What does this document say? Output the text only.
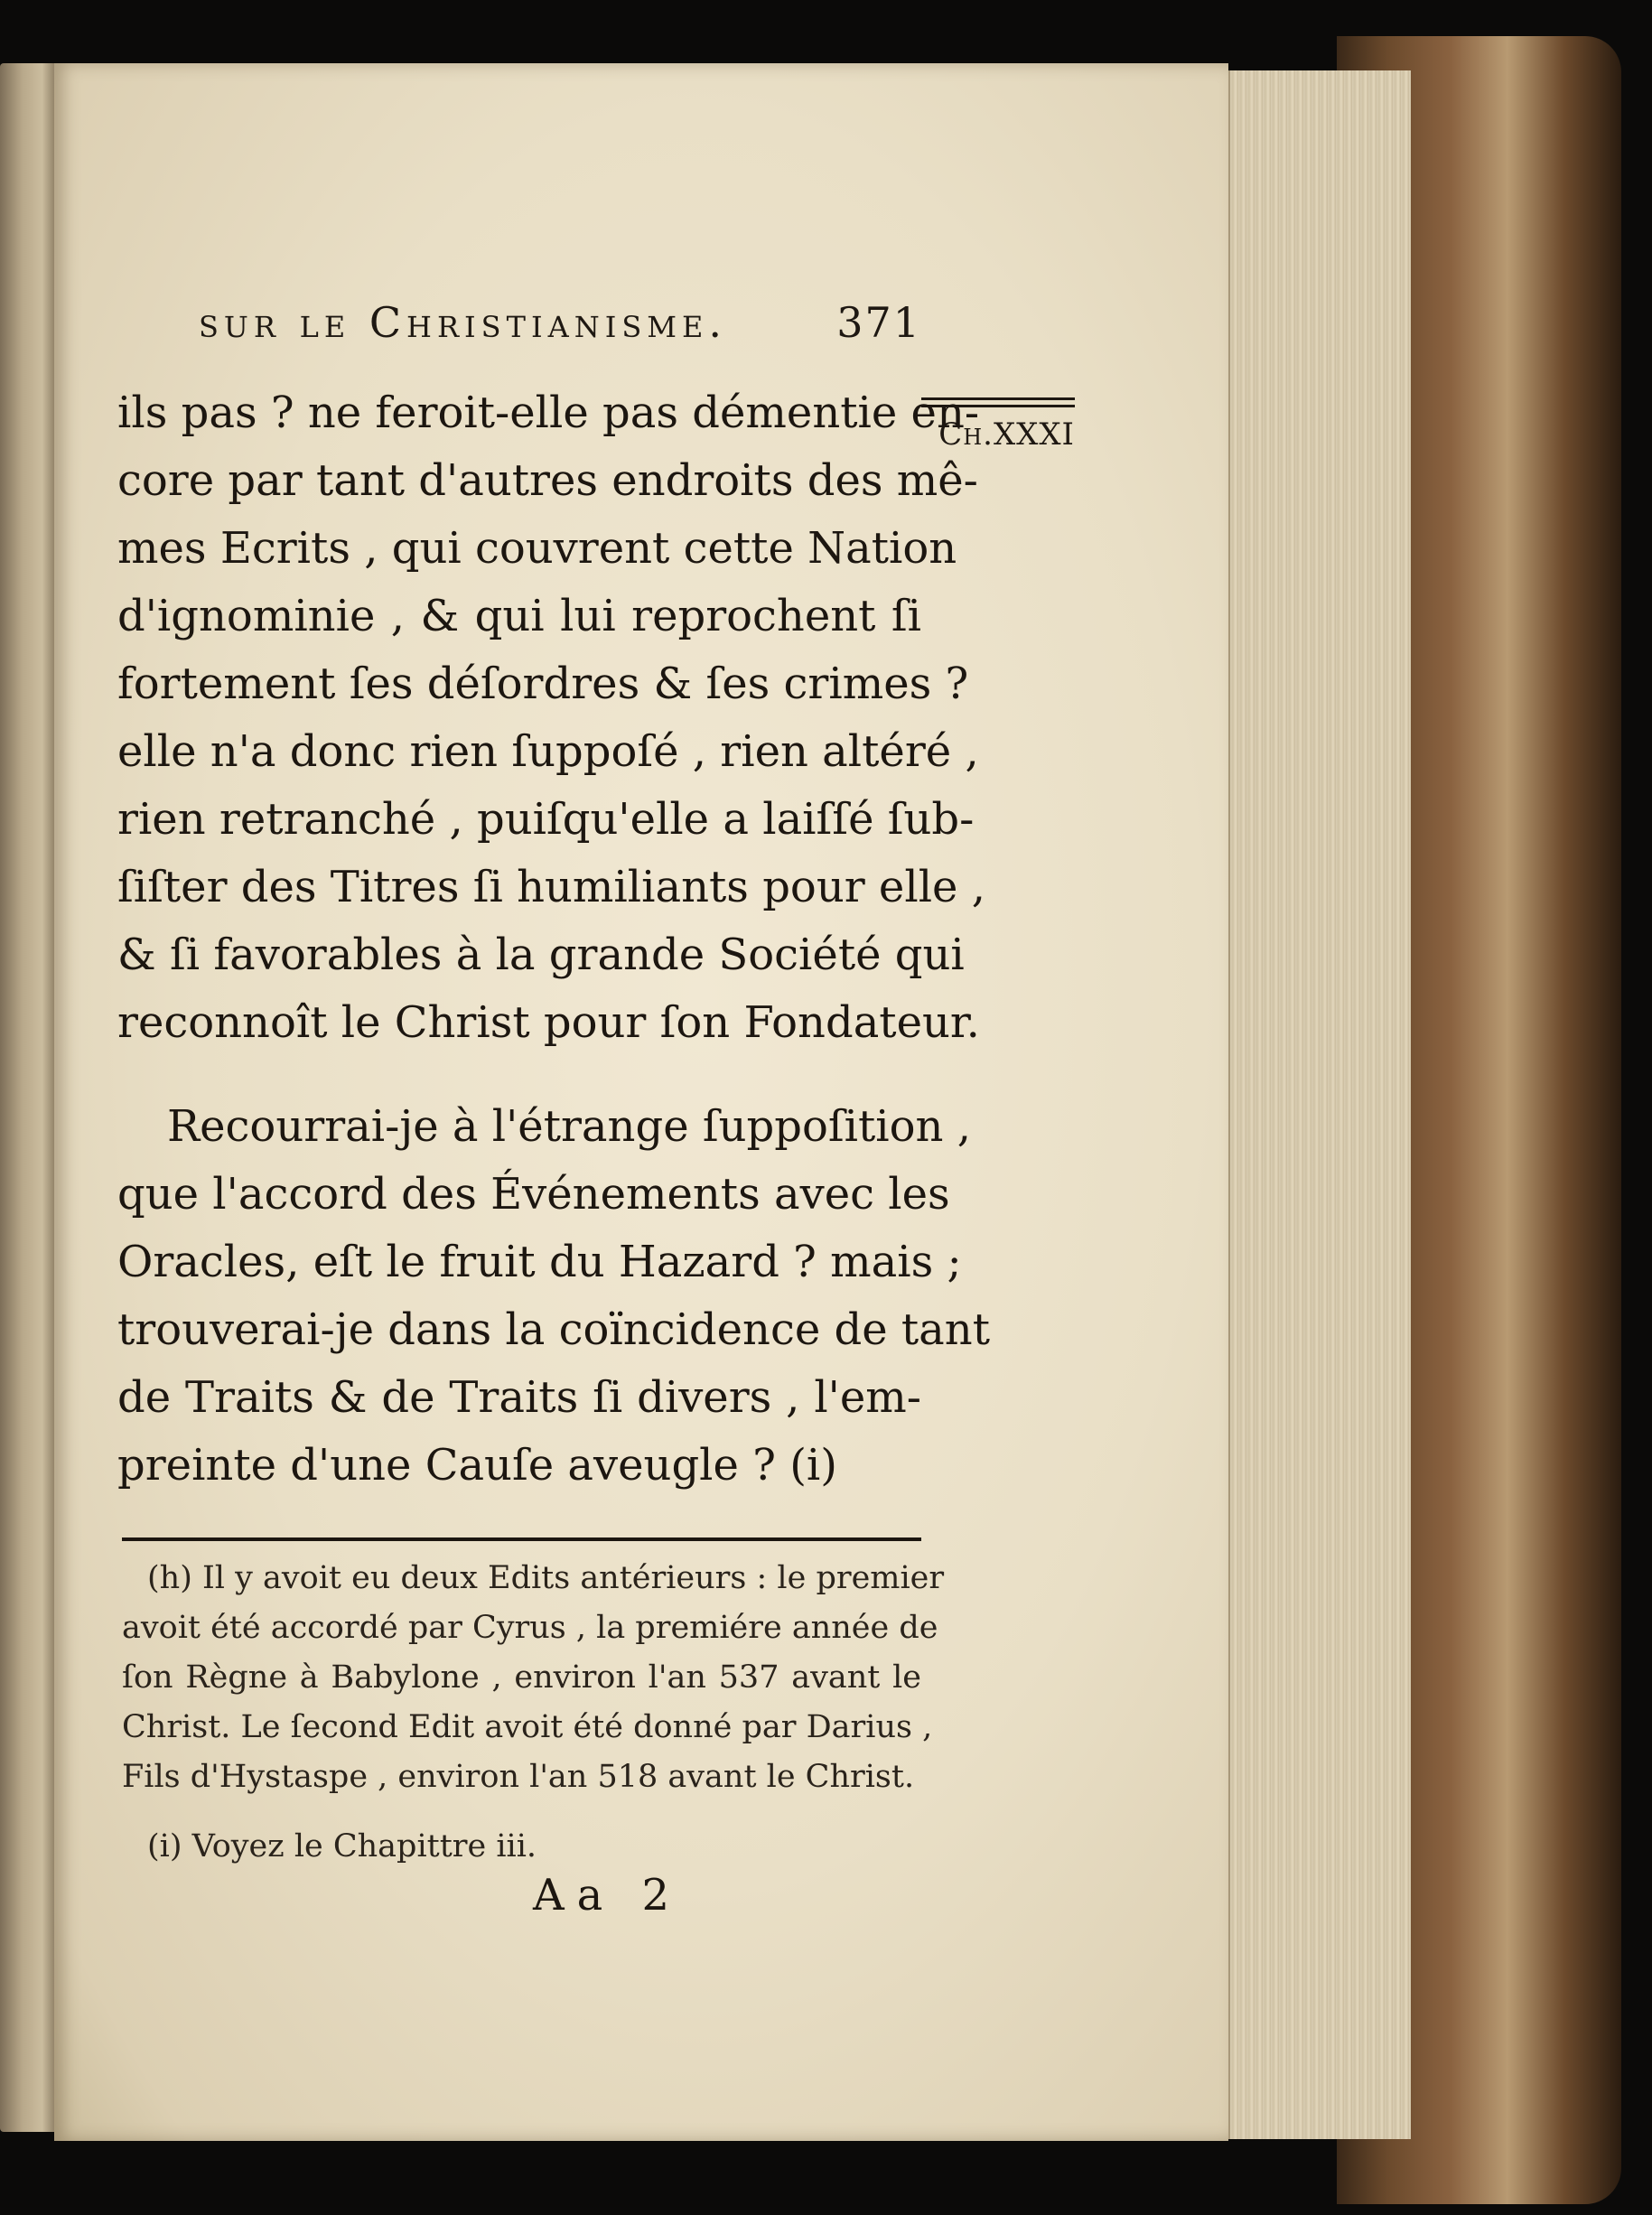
sur le Christianisme.	371
Ch.XXXI
ils pas ? ne feroit-elle pas démentie en-
core par tant d'autres endroits des mê-
mes Ecrits , qui couvrent cette Nation
d'ignominie , & qui lui reprochent ſi
fortement ſes déſordres & ſes crimes ?
elle n'a donc rien ſuppoſé , rien altéré ,
rien retranché , puiſqu'elle a laiſſé ſub-
ſiſter des Titres ſi humiliants pour elle ,
& ſi favorables à la grande Société qui
reconnoît le Christ pour ſon Fondateur.
Recourrai-je à l'étrange ſuppoſition ,
que l'accord des Événements avec les
Oracles, eſt le fruit du Hazard ? mais ;
trouverai-je dans la coïncidence de tant
de Traits & de Traits ſi divers , l'em-
preinte d'une Cauſe aveugle ? (i)
(h) Il y avoit eu deux Edits antérieurs : le premier
avoit été accordé par Cyrus , la premiére année de
ſon Règne à Babylone , environ l'an 537 avant le
Christ. Le ſecond Edit avoit été donné par Darius ,
Fils d'Hystaspe , environ l'an 518 avant le Christ.
(i) Voyez le Chapittre iii.
Aa 2
